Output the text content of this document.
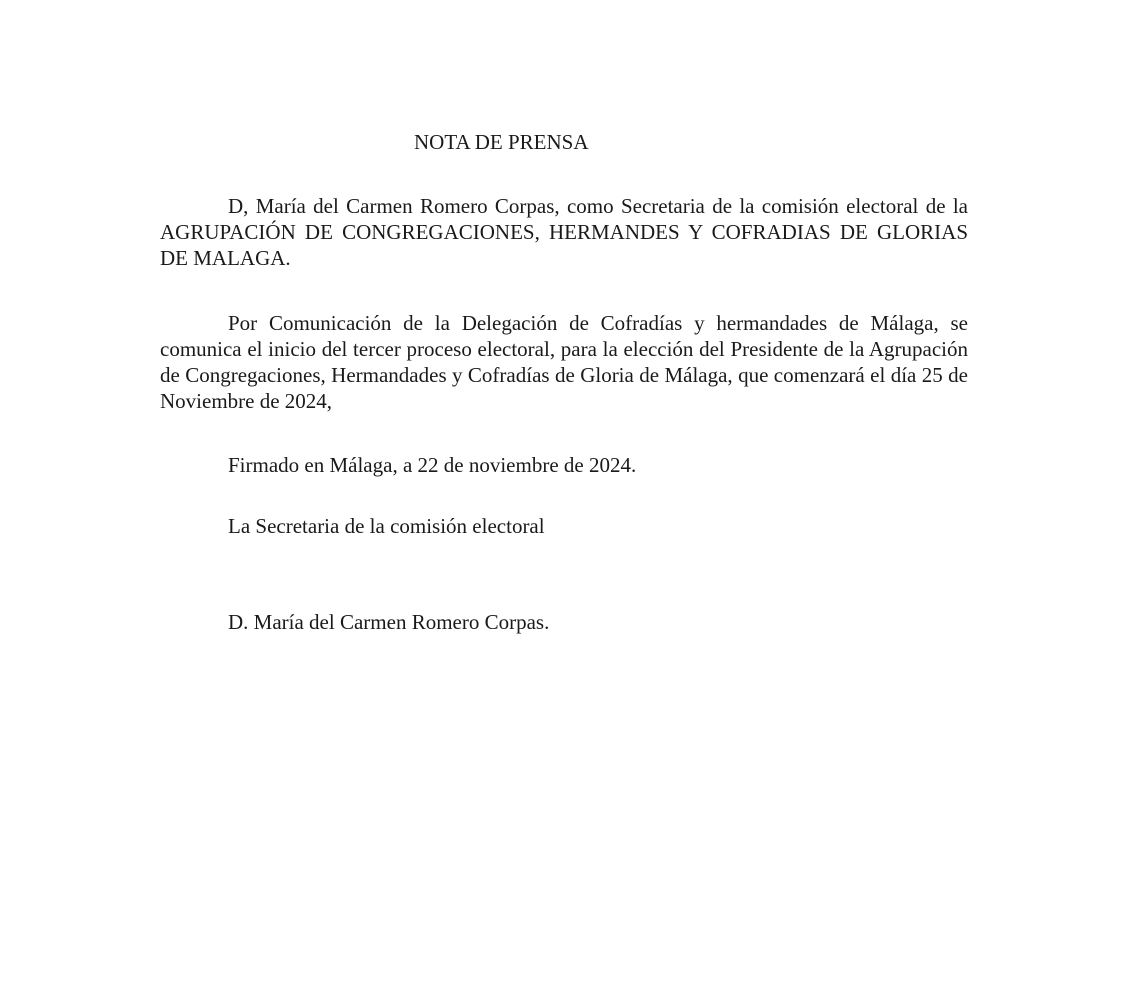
NOTA DE PRENSA

D, María del Carmen Romero Corpas, como Secretaria de la comisión electoral de la AGRUPACIÓN DE CONGREGACIONES, HERMANDES Y COFRADIAS DE GLORIAS DE MALAGA.

Por Comunicación de la Delegación de Cofradías y hermandades de Málaga, se comunica el inicio del tercer proceso electoral, para la elección del Presidente de la Agrupación de Congregaciones, Hermandades y Cofradías de Gloria de Málaga, que comenzará el día 25 de Noviembre de 2024,

Firmado en Málaga, a 22 de noviembre de 2024.

La Secretaria de la comisión electoral

D. María del Carmen Romero Corpas.
